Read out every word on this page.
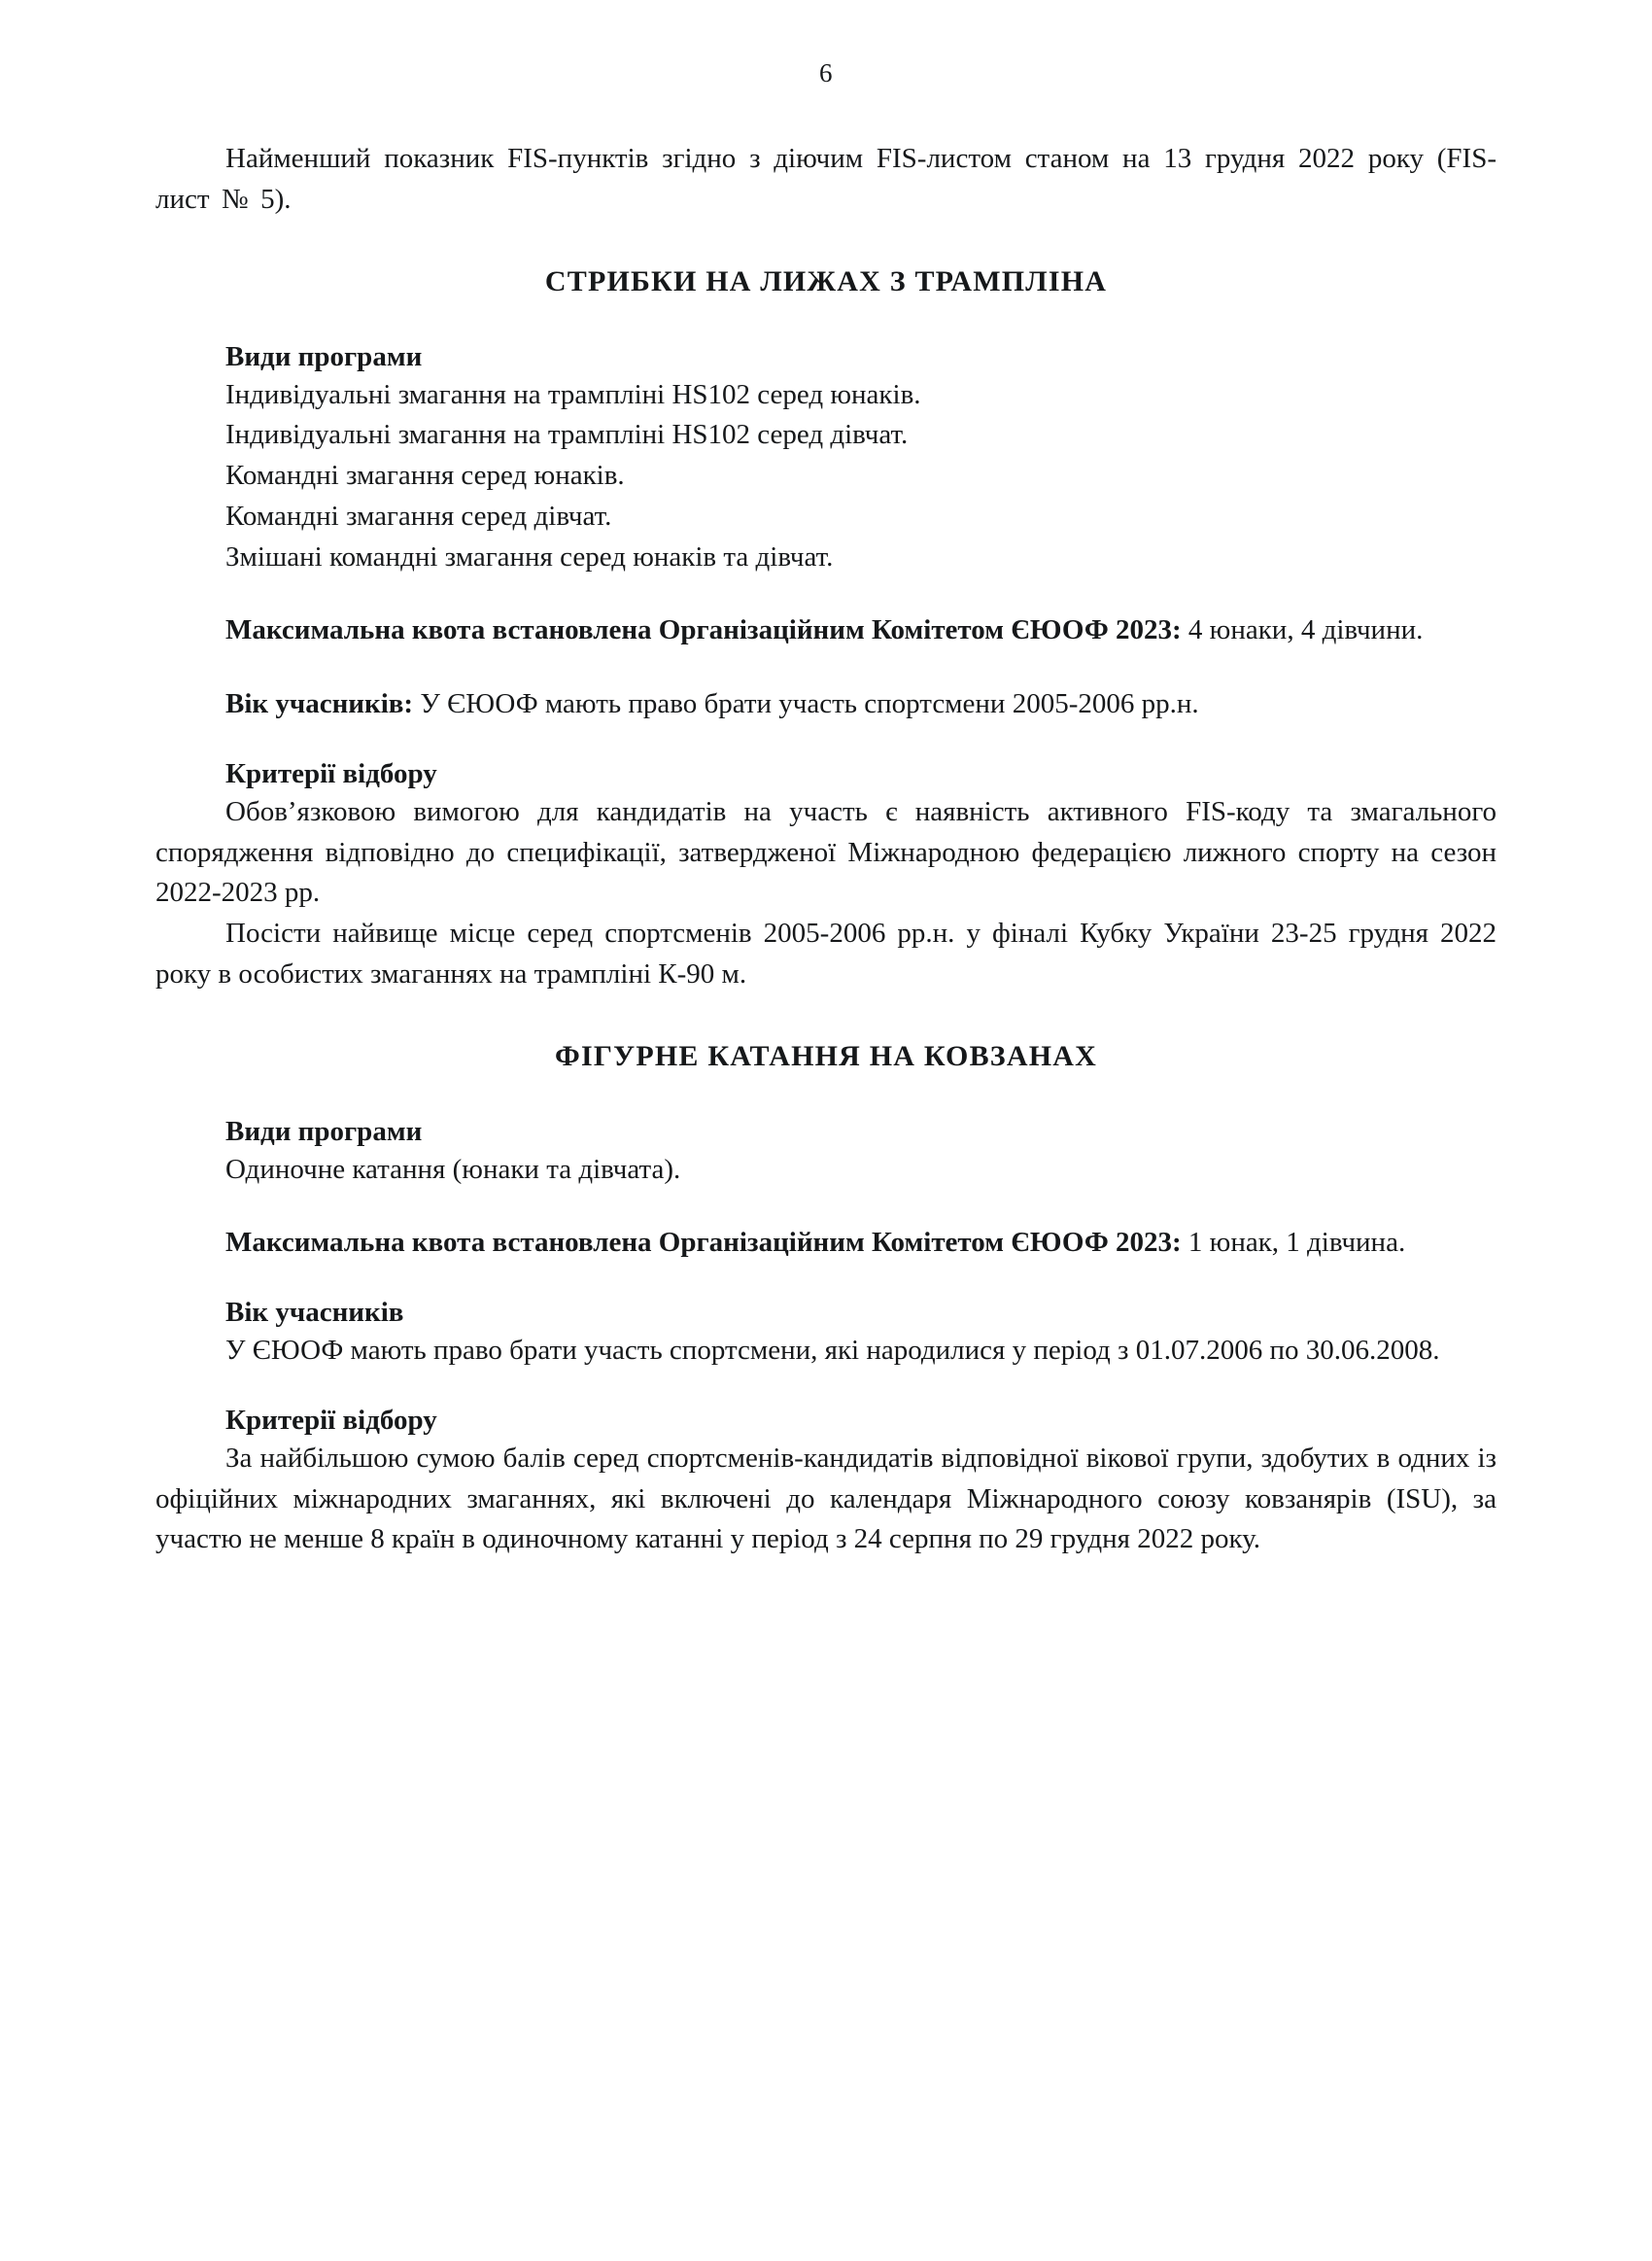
6

Найменший показник FIS-пунктів згідно з діючим FIS-листом станом на 13 грудня 2022 року (FIS-лист № 5).

СТРИБКИ НА ЛИЖАХ З ТРАМПЛІНА
Види програми

Індивідуальні змагання на трампліні HS102 серед юнаків.

Індивідуальні змагання на трампліні HS102 серед дівчат.

Командні змагання серед юнаків.

Командні змагання серед дівчат.

Змішані командні змагання серед юнаків та дівчат.

Максимальна квота встановлена Організаційним Комітетом ЄЮОФ 2023: 4 юнаки, 4 дівчини.

Вік учасників: У ЄЮОФ мають право брати участь спортсмени 2005-2006 рр.н.

Критерії відбору

Обов’язковою вимогою для кандидатів на участь є наявність активного FIS-коду та змагального спорядження відповідно до специфікації, затвердженої Міжнародною федерацією лижного спорту на сезон 2022-2023 рр.

Посісти найвище місце серед спортсменів 2005-2006 рр.н. у фіналі Кубку України 23-25 грудня 2022 року в особистих змаганнях на трампліні К-90 м.

ФІГУРНЕ КАТАННЯ НА КОВЗАНАХ
Види програми

Одиночне катання (юнаки та дівчата).

Максимальна квота встановлена Організаційним Комітетом ЄЮОФ 2023: 1 юнак, 1 дівчина.

Вік учасників

У ЄЮОФ мають право брати участь спортсмени, які народилися у період з 01.07.2006 по 30.06.2008.

Критерії відбору

За найбільшою сумою балів серед спортсменів-кандидатів відповідної вікової групи, здобутих в одних із офіційних міжнародних змаганнях, які включені до календаря Міжнародного союзу ковзанярів (ISU), за участю не менше 8 країн в одиночному катанні у період з 24 серпня по 29 грудня 2022 року.
